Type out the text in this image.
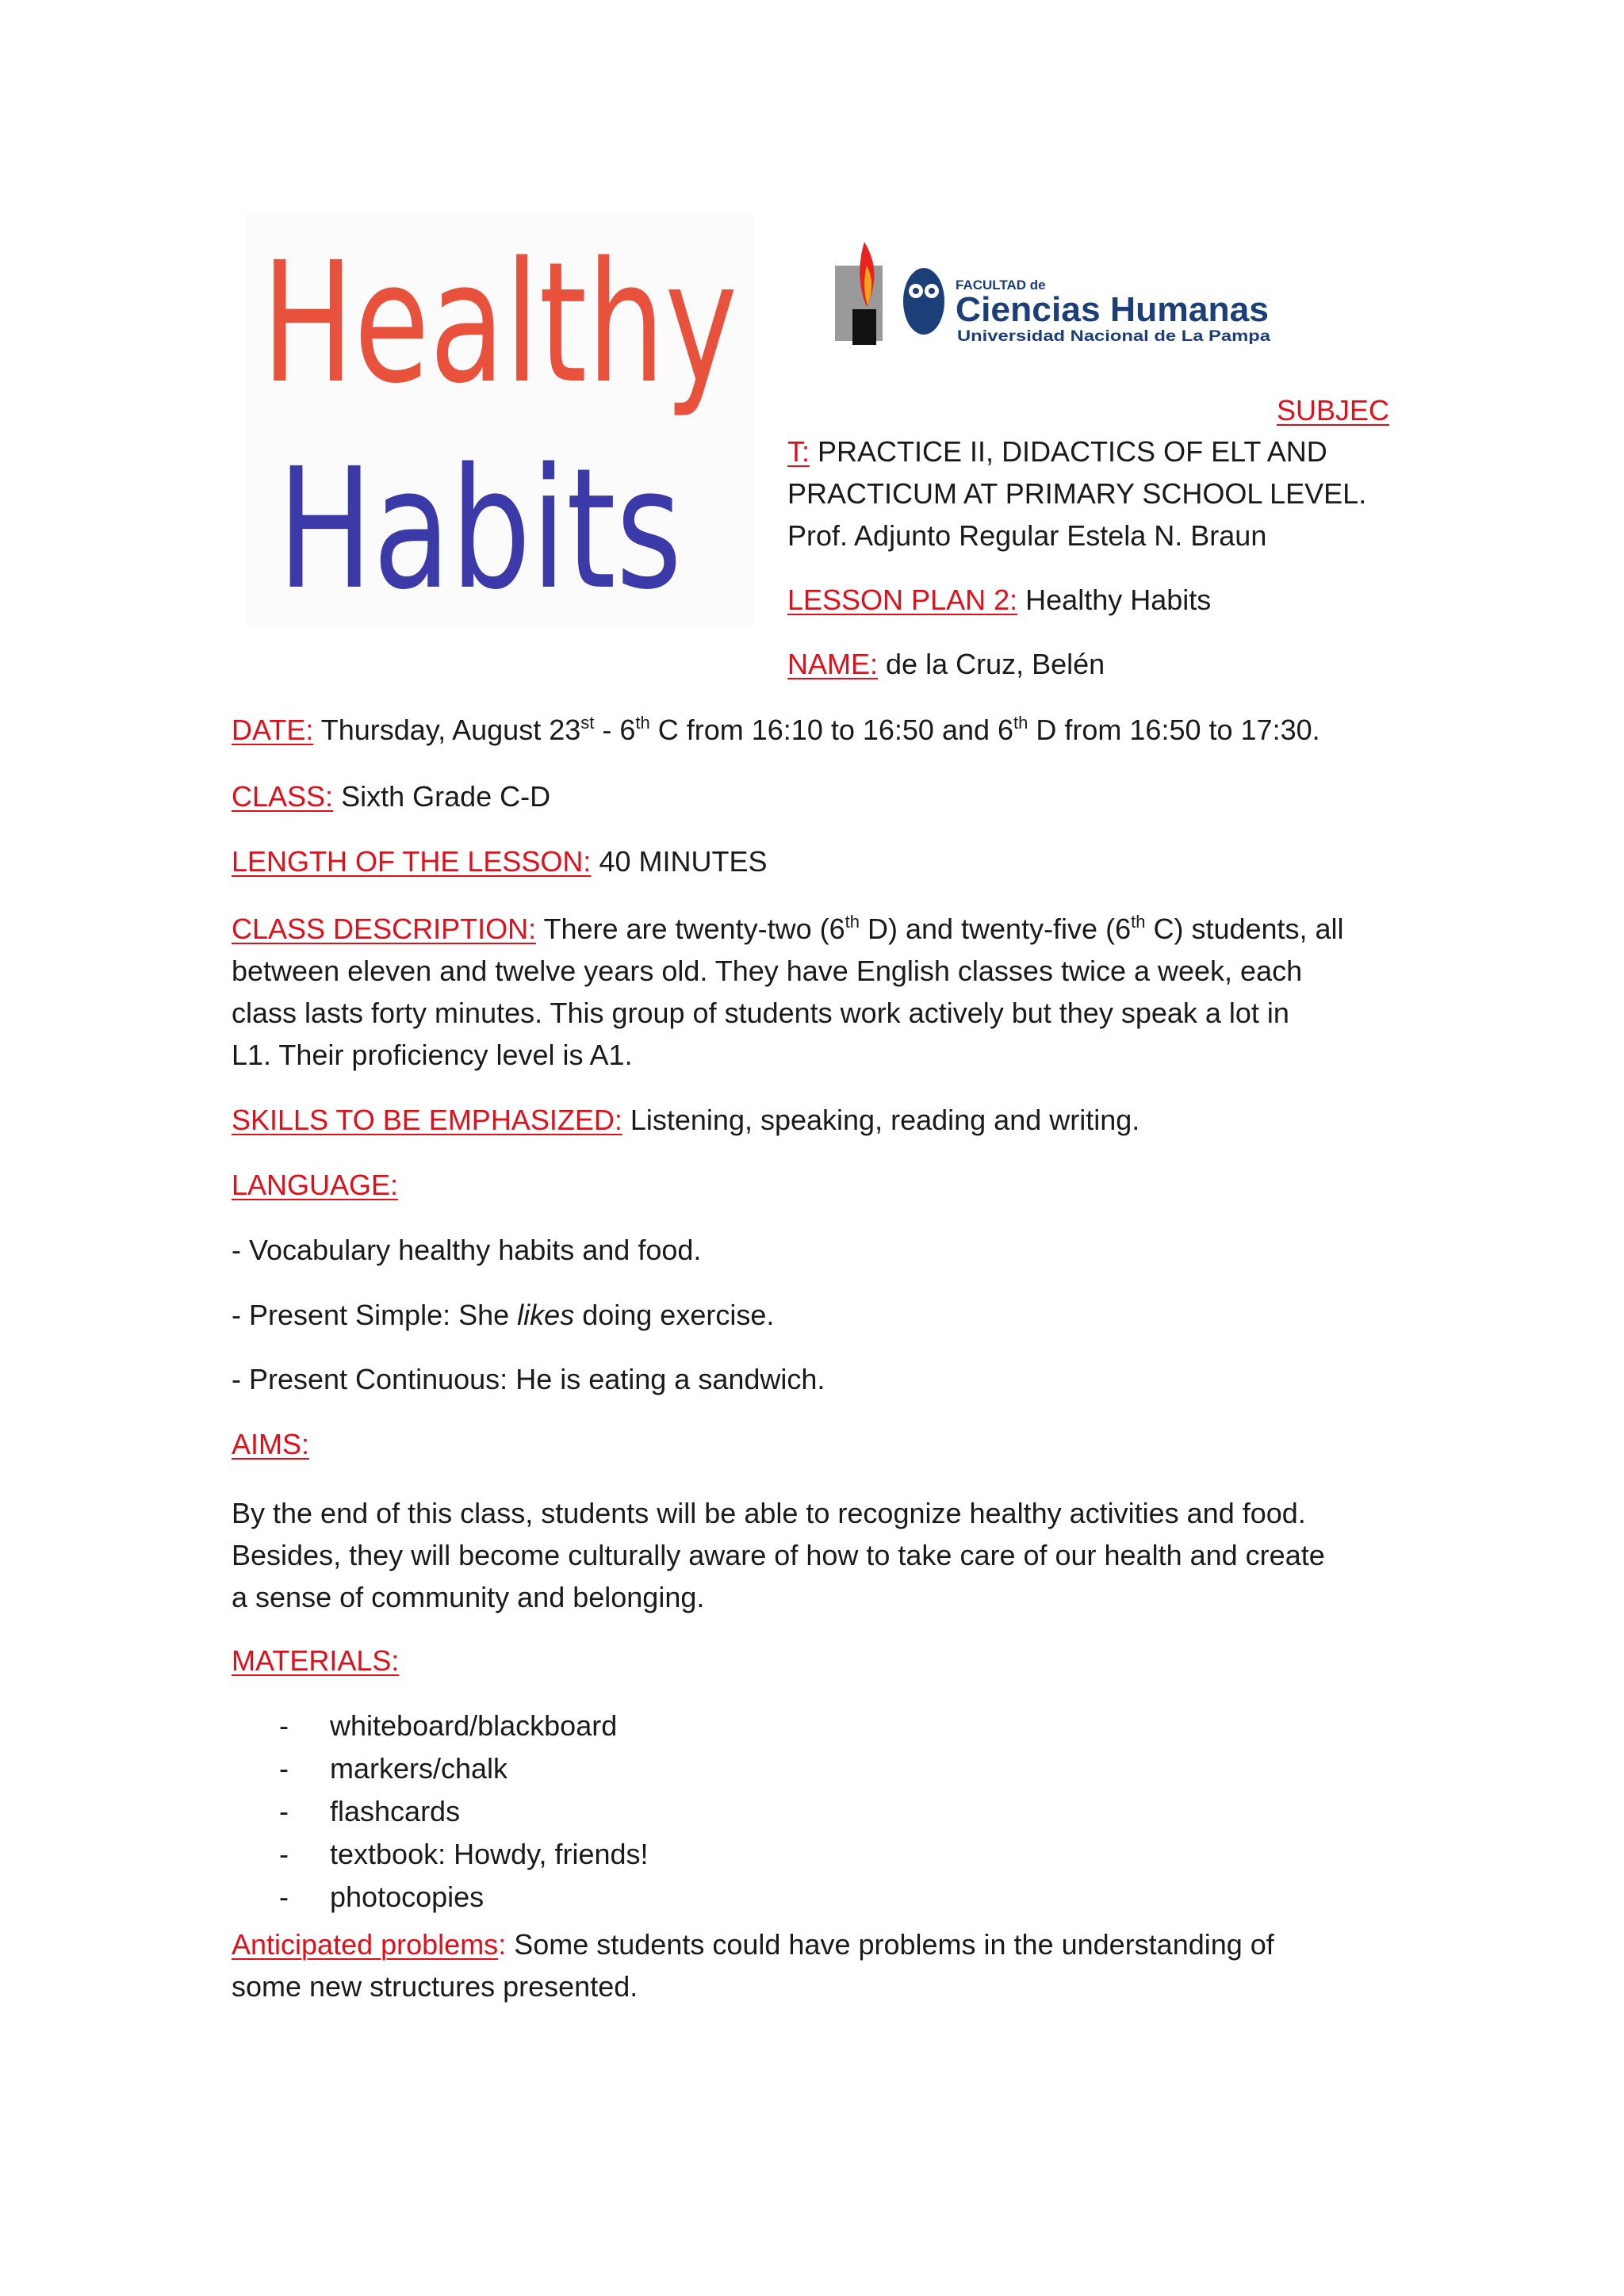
Healthy
Habits
FACULTAD de
Ciencias Humanas
Universidad Nacional de La Pampa
SUBJEC
T: PRACTICE II, DIDACTICS OF ELT AND
PRACTICUM AT PRIMARY SCHOOL LEVEL.
Prof. Adjunto Regular Estela N. Braun
LESSON PLAN 2: Healthy Habits
NAME: de la Cruz, Belén
DATE: Thursday, August 23st - 6th C from 16:10 to 16:50 and 6th D from 16:50 to 17:30.
CLASS: Sixth Grade C-D
LENGTH OF THE LESSON: 40 MINUTES
CLASS DESCRIPTION: There are twenty-two (6th D) and twenty-five (6th C) students, all
between eleven and twelve years old. They have English classes twice a week, each
class lasts forty minutes. This group of students work actively but they speak a lot in
L1. Their proficiency level is A1.
SKILLS TO BE EMPHASIZED: Listening, speaking, reading and writing.
LANGUAGE:
- Vocabulary healthy habits and food.
- Present Simple: She likes doing exercise.
- Present Continuous: He is eating a sandwich.
AIMS:
By the end of this class, students will be able to recognize healthy activities and food.
Besides, they will become culturally aware of how to take care of our health and create
a sense of community and belonging.
MATERIALS:
- whiteboard/blackboard
- markers/chalk
- flashcards
- textbook: Howdy, friends!
- photocopies
Anticipated problems: Some students could have problems in the understanding of
some new structures presented.
